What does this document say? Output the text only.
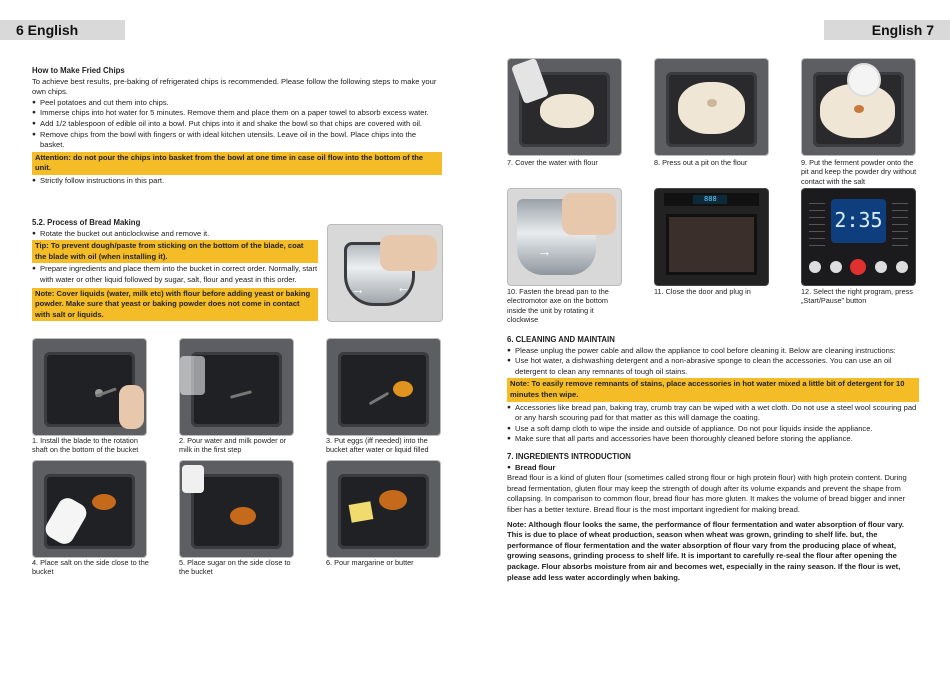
6 English	English 7
How to Make Fried Chips
To achieve best results, pre-baking of refrigerated chips is recommended. Please follow the following steps to make your own chips.
● Peel potatoes and cut them into chips.
● Immerse chips into hot water for 5 minutes. Remove them and place them on a paper towel to absorb excess water.
● Add 1/2 tablespoon of edible oil into a bowl. Put chips into it and shake the bowl so that chips are covered with oil.
● Remove chips from the bowl with fingers or with ideal kitchen utensils. Leave oil in the bowl. Place chips into the basket.
Attention: do not pour the chips into basket from the bowl at one time in case oil flow into the bottom of the unit.
● Strictly follow instructions in this part.
5.2. Process of Bread Making
● Rotate the bucket out anticlockwise and remove it.
Tip: To prevent dough/paste from sticking on the bottom of the blade, coat the blade with oil (when installing it).
● Prepare ingredients and place them into the bucket in correct order. Normally, start with water or other liquid followed by sugar, salt, flour and yeast in this order.
Note: Cover liquids (water, milk etc) with flour before adding yeast or baking powder. Make sure that yeast or baking powder does not come in contact with salt or liquids.
→ ←
1. Install the blade to the rotation shaft on the bottom of the bucket
2. Pour water and milk powder or milk in the first step
3. Put eggs (iff needed) into the bucket after water or liquid filled
4. Place salt on the side close to the bucket
5. Place sugar on the side close to the bucket
6. Pour margarine or butter
7. Cover the water with flour	8. Press out a pit on the flour	9. Put the ferment powder onto the pit and keep the powder dry without contact with the salt
→
10. Fasten the bread pan to the electromotor axe on the bottom inside the unit by rotating it clockwise
888
11. Close the door and plug in
2:35
12. Select the right program, press „Start/Pause” button
6. CLEANING AND MAINTAIN
● Please unplug the power cable and allow the appliance to cool before cleaning it. Below are cleaning instructions:
● Use hot water, a dishwashing detergent and a non-abrasive sponge to clean the accessories. You can use an oil detergent to clean any remnants of tough oil stains.
Note: To easily remove remnants of stains, place accessories in hot water mixed a little bit of detergent for 10 minutes then wipe.
● Accessories like bread pan, baking tray, crumb tray can be wiped with a wet cloth. Do not use a steel wool scouring pad or any harsh scouring pad for that matter as this will damage the coating.
● Use a soft damp cloth to wipe the inside and outside of appliance. Do not pour liquids inside the appliance.
● Make sure that all parts and accessories have been thoroughly cleaned before storing the appliance.
7. INGREDIENTS INTRODUCTION
● Bread flour
Bread flour is a kind of gluten flour (sometimes called strong flour or high protein flour) with high protein content. During bread fermentation, gluten flour may keep the strength of dough after its volume expands and prevent the shape from collapsing. In comparison to common flour, bread flour has more gluten. It makes the volume of bread bigger and inner fiber has a better texture. Bread flour is the most important ingredient for making bread.
Note: Although flour looks the same, the performance of flour fermentation and water absorption of flour vary. This is due to place of wheat production, season when wheat was grown, grinding to shelf life. but, the performance of flour fermentation and the water absorption of flour vary from the producing place of wheat, growing seasons, grinding process to shelf life. It is important to carefully re-seal the flour after opening the package. Flour absorbs moisture from air and becomes wet, especially in the rainy season. If the flour is wet, please add less water accordingly when baking.
